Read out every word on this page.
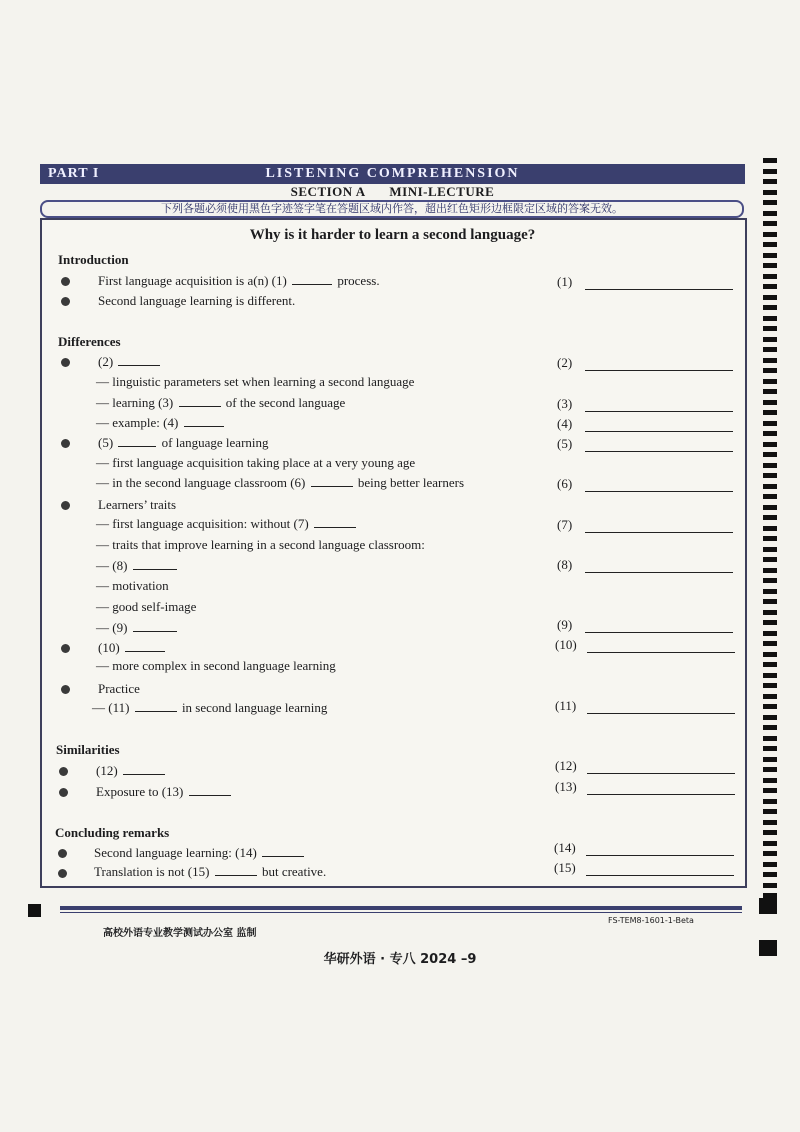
PART I	LISTENING COMPREHENSION
SECTION A MINI-LECTURE
下列各题必须使用黑色字迹签字笔在答题区域内作答，超出红色矩形边框限定区域的答案无效。
Why is it harder to learn a second language?
Introduction
First language acquisition is a(n) (1)	process.
Second language learning is different.
Differences
(2)
— linguistic parameters set when learning a second language
— learning (3)	of the second language
— example: (4)
(5)	of language learning
— first language acquisition taking place at a very young age
— in the second language classroom (6)	being better learners
Learners’ traits
— first language acquisition: without (7)
— traits that improve learning in a second language classroom:
— (8)
— motivation
— good self-image
— (9)
(10)
— more complex in second language learning
Practice
— (11)	in second language learning
Similarities
(12)
Exposure to (13)
Concluding remarks
Second language learning: (14)
Translation is not (15)	but creative.
(1)
(2)
(3)
(4)
(5)
(6)
(7)
(8)
(9)
(10)
(11)
(12)
(13)
(14)
(15)
高校外语专业教学测试办公室 监制
FS-TEM8-1601-1-Beta
华研外语 · 专八 2024 –9
